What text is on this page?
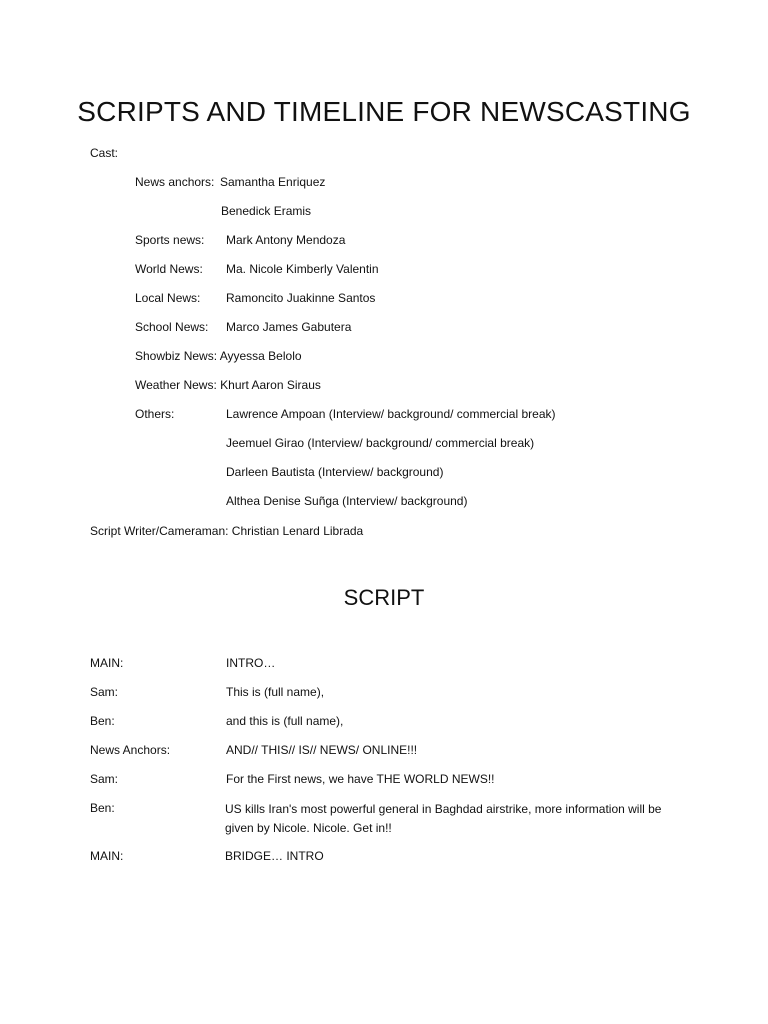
SCRIPTS AND TIMELINE FOR NEWSCASTING
Cast:
News anchors: Samantha Enriquez
Benedick Eramis
Sports news: Mark Antony Mendoza
World News: Ma. Nicole Kimberly Valentin
Local News: Ramoncito Juakinne Santos
School News: Marco James Gabutera
Showbiz News: Ayyessa Belolo
Weather News: Khurt Aaron Siraus
Others:	Lawrence Ampoan (Interview/ background/ commercial break)
Jeemuel Girao (Interview/ background/ commercial break)
Darleen Bautista (Interview/ background)
Althea Denise Suñga (Interview/ background)
Script Writer/Cameraman: Christian Lenard Librada
SCRIPT
MAIN:	INTRO…
Sam:	This is (full name),
Ben:	and this is (full name),
News Anchors:	AND// THIS// IS// NEWS/ ONLINE!!!
Sam:	For the First news, we have THE WORLD NEWS!!
Ben:	US kills Iran's most powerful general in Baghdad airstrike, more information will be given by Nicole. Nicole. Get in!!
MAIN:	BRIDGE… INTRO
